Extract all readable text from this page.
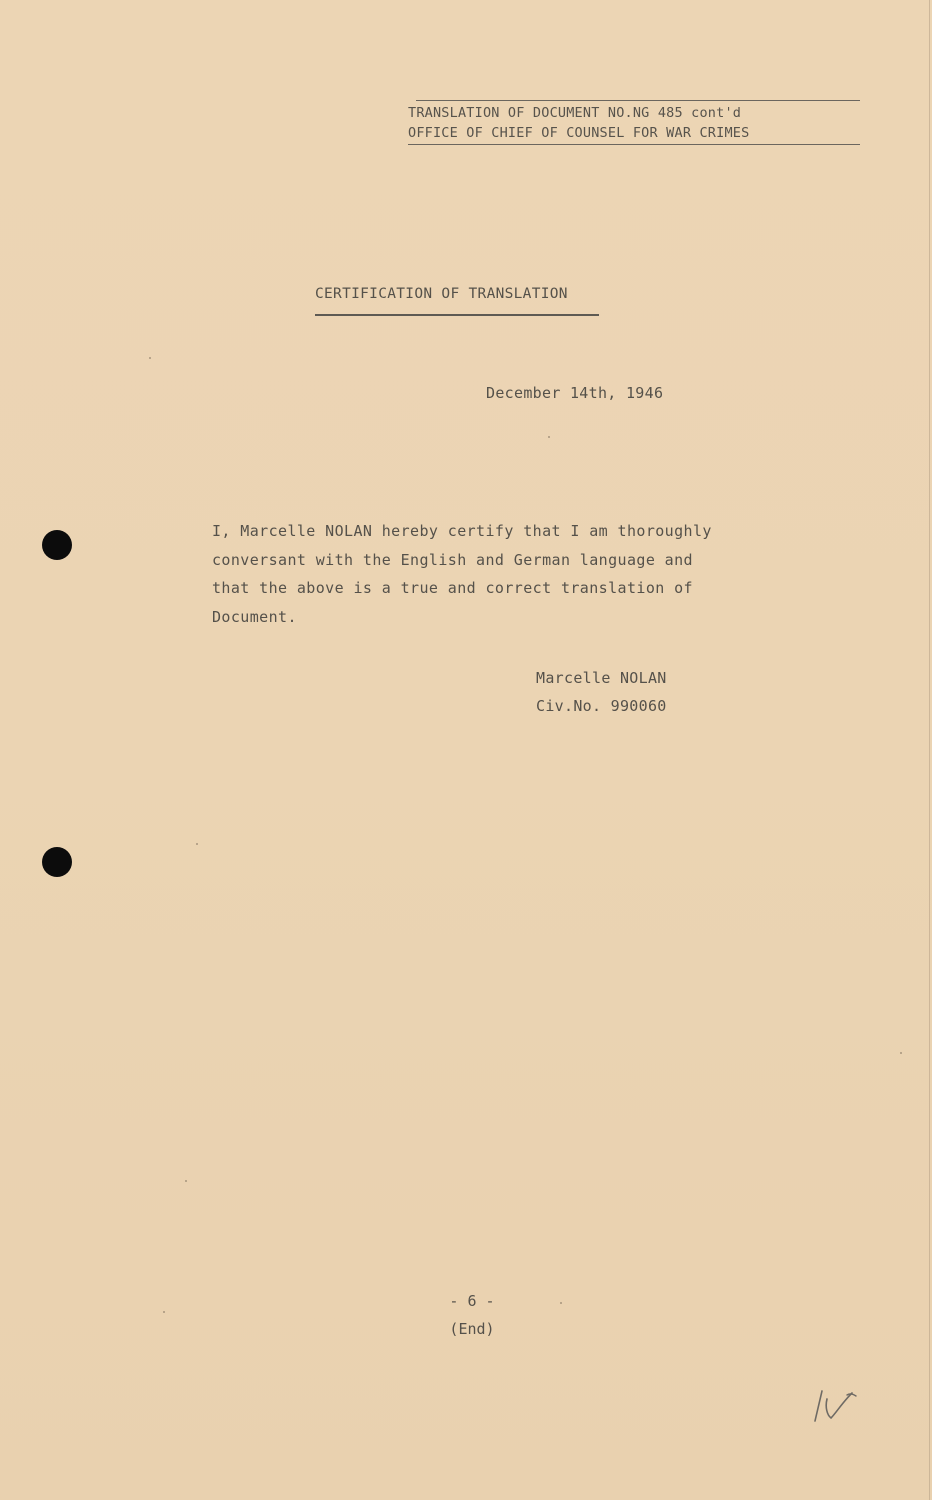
TRANSLATION OF DOCUMENT NO.NG 485 cont'd
OFFICE OF CHIEF OF COUNSEL FOR WAR CRIMES
CERTIFICATION OF TRANSLATION
December 14th, 1946
I, Marcelle NOLAN hereby certify that I am thoroughly
conversant with the English and German language and
that the above is a true and correct translation of
Document.
Marcelle NOLAN
Civ.No. 990060
- 6 -
(End)
